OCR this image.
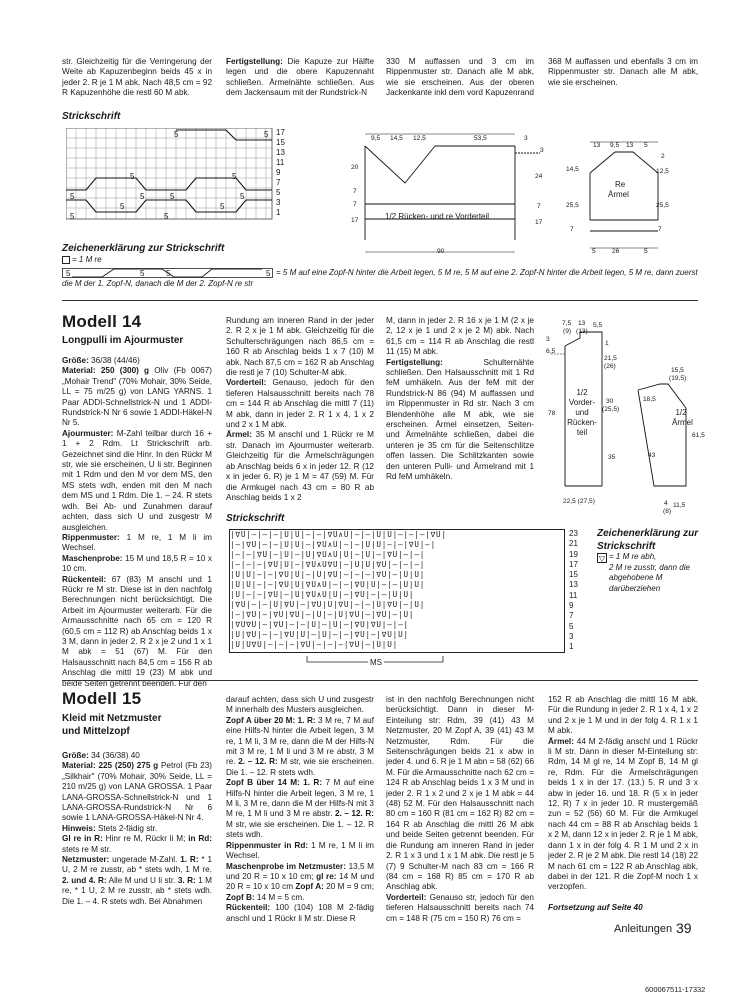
str. Gleichzeitig für die Verringerung der Weite ab Kapuzenbeginn beids 45 x in jeder 2. R je 1 M abk. Nach 48,5 cm = 92 R Kapuzenhöhe die restl 60 M abk.

Fertigstellung: Die Kapuze zur Hälfte legen und die obere Kapuzennaht schließen. Ärmelnähte schließen. Aus dem Jackensaum mit der Rundstrick-N

330 M auffassen und 3 cm im Rippenmuster str. Danach alle M abk, wie sie erscheinen. Aus der oberen Jackenkante inkl dem vord Kapuzenrand

368 M auffassen und ebenfalls 3 cm im Rippenmuster str. Danach alle M abk, wie sie erscheinen.

Strickschrift
5	5
5	5	5	5
5	5
5	5
5	5
17
15
13
11
9
7
5
3
1
9,5 14,5 12,5	53,5	3
20
7
7
17
3
24
7
17
1/2 Rücken- und re Vorderteil
90
13 9,5 13 5
Re
Ärmel
14,5
25,5
7
2
12,5
25,5
7
5 26	5
Zeichenerklärung zur Strickschrift
= 1 M re
5	5	5	5 = 5 M auf eine Zopf-N hinter die Arbeit legen, 5 M re, 5 M auf eine 2. Zopf-N hinter die Arbeit legen, 5 M re, dann zuerst die M der 1. Zopf-N, danach die M der 2. Zopf-N re str
Modell 14
Longpulli im Ajourmuster

Größe: 36/38 (44/46)

Material: 250 (300) g Oliv (Fb 0067) „Mohair Trend" (70% Mohair, 30% Seide, LL = 75 m/25 g) von LANG YARNS. 1 Paar ADDI-Schnellstrick-N und 1 ADDI-Rundstrick-N Nr 6 sowie 1 ADDI-Häkel-N Nr 5.

Ajourmuster: M-Zahl teilbar durch 16 + 1 + 2 Rdm. Lt Strickschrift arb. Gezeichnet sind die Hinr. In den Rückr M str, wie sie erscheinen, U li str. Beginnen mit 1 Rdm und den M vor dem MS, den MS stets wdh, enden mit den M nach dem MS und 1 Rdm. Die 1. – 24. R stets wdh. Bei Ab- und Zunahmen darauf achten, dass sich U und zusgestr M ausgleichen.

Rippenmuster: 1 M re, 1 M li im Wechsel.

Maschenprobe: 15 M und 18,5 R = 10 x 10 cm.

Rückenteil: 67 (83) M anschl und 1 Rückr re M str. Diese ist in den nachfolg Berechnungen nicht berücksichtigt. Die Arbeit im Ajourmuster weiterarb. Für die Armausschnitte nach 65 cm = 120 R (60,5 cm = 112 R) ab Anschlag beids 1 x 3 M, dann in jeder 2. R 2 x je 2 und 1 x 1 M abk = 51 (67) M. Für den Halsausschnitt nach 84,5 cm = 156 R ab Anschlag die mittl 19 (23) M abk und beide Seiten getrennt beenden. Für den

Rundung am inneren Rand in der jeder 2. R 2 x je 1 M abk. Gleichzeitig für die Schulterschrägungen nach 86,5 cm = 160 R ab Anschlag beids 1 x 7 (10) M abk. Nach 87,5 cm = 162 R ab Anschlag die restl je 7 (10) Schulter-M abk.

Vorderteil: Genauso, jedoch für den tieferen Halsausschnitt bereits nach 78 cm = 144 R ab Anschlag die mittl 7 (11) M abk, dann in jeder 2. R 1 x 4, 1 x 2 und 2 x 1 M abk.

Ärmel: 35 M anschl und 1 Rückr re M str. Danach im Ajourmuster weiterarb. Gleichzeitig für die Ärmelschrägungen ab Anschlag beids 6 x in jeder 12. R (12 x in jeder 6. R) je 1 M = 47 (59) M. Für die Armkugel nach 43 cm = 80 R ab Anschlag beids 1 x 2

M, dann in jeder 2. R 16 x je 1 M (2 x je 2, 12 x je 1 und 2 x je 2 M) abk. Nach 61,5 cm = 114 R ab Anschlag die restl 11 (15) M abk.

Fertigstellung: Schulternähte schließen. Den Halsausschnitt mit 1 Rd feM umhäkeln. Aus der feM mit der Rundstrick-N 86 (94) M auffassen und im Rippenmuster in Rd str. Nach 3 cm Blendenhöhe alle M abk, wie sie erscheinen. Ärmel einsetzen, Seiten- und Ärmelnähte schließen, dabei die unteren je 35 cm für die Seitenschlitze offen lassen. Die Schlitzkanten sowie den unteren Pulli- und Ärmelrand mit 1 Rd feM umhäkeln.

Strickschrift
|∇U|—|—|—|U|U|—|—|∇U∧U|—|—|U|U|—|—|—|∇U|
|—|∇U|—|—|U|U|—|∇U∧U|—|—|U|U|—|—|∇U|—|
|—|—|∇U|—|U|—|U|∇U∧U|U|—|U|—|∇U|—|—|
|—|—|—|∇U|U|—|∇U∧U∇U|—|U|U|∇U|—|—|—|
|U|U|—|—|∇U|U|—|U|∇U|—|—|—|∇U|—|U|U|
|U|U|—|—|∇U|U|∇U∧U|—|—|∇U|U|—|—|U|U|
|U|—|—|∇U|—|U|∇U∧U|U|—|∇U|—|—|U|U|
|∇U|—|—|U|∇U|—|∇U|U|∇U|—|—|U|∇U|—|U|
|—|∇U|—|∇U|∇U|—|U|—|U|∇U|—|∇U|—|U|
|∇U∇U|—|∇U|—|—|U|—|U|—|∇U|∇U|—|—|
|U|∇U|—|—|∇U|U|—|U|—|—|∇U|—|∇U|U|
|U|U∇U|—|—|—|∇U|—|—|—|∇U|—|U|U|
23
21
19
17
15
13
11
9
7
5
3
1
MS
Zeichenerklärung zur Strickschrift
▽ = 1 M re abh,
2 M re zusstr, dann die abgehobene M darüberziehen
7,5
(9)
13
(13)
5,5
3
6,5
78
1/2
Vorder-
und
Rücken-
teil
1
21,5
(26)
30
(25,5)
35
22,5 (27,5)
1/2
Ärmel
15,5
(19,5)
18,5
43
61,5
4
(8)
11,5
Modell 15
Kleid mit Netzmuster
und Mittelzopf

Größe: 34 (36/38) 40

Material: 225 (250) 275 g Petrol (Fb 23) „Silkhair" (70% Mohair, 30% Seide, LL = 210 m/25 g) von LANA GROSSA. 1 Paar LANA-GROSSA-Schnellstrick-N und 1 LANA-GROSSA-Rundstrick-N Nr 6 sowie 1 LANA-GROSSA-Häkel-N Nr 4.

Hinweis: Stets 2-fädig str.

Gl re in R: Hinr re M, Rückr li M; in Rd: stets re M str.

Netzmuster: ungerade M-Zahl. 1. R: * 1 U, 2 M re zusstr, ab * stets wdh, 1 M re. 2. und 4. R: Alle M und U li str. 3. R: 1 M re, * 1 U, 2 M re zusstr, ab * stets wdh. Die 1. – 4. R stets wdh. Bei Abnahmen

darauf achten, dass sich U und zusgestr M innerhalb des Musters ausgleichen.

Zopf A über 20 M: 1. R: 3 M re, 7 M auf eine Hilfs-N hinter die Arbeit legen, 3 M re, 1 M li, 3 M re, dann die M der Hilfs-N mit 3 M re, 1 M li und 3 M re abstr, 3 M re. 2. – 12. R: M str, wie sie erscheinen. Die 1. – 12. R stets wdh.

Zopf B über 14 M: 1. R: 7 M auf eine Hilfs-N hinter die Arbeit legen, 3 M re, 1 M li, 3 M re, dann die M der Hilfs-N mit 3 M re, 1 M li und 3 M re abstr. 2. – 12. R: M str, wie sie erscheinen. Die 1. – 12. R stets wdh.

Rippenmuster in Rd: 1 M re, 1 M li im Wechsel.

Maschenprobe im Netzmuster: 13,5 M und 20 R = 10 x 10 cm; gl re: 14 M und 20 R = 10 x 10 cm Zopf A: 20 M = 9 cm; Zopf B: 14 M = 5 cm.

Rückenteil: 100 (104) 108 M 2-fädig anschl und 1 Rückr li M str. Diese R

ist in den nachfolg Berechnungen nicht berücksichtigt. Dann in dieser M-Einteilung str: Rdm, 39 (41) 43 M Netzmuster, 20 M Zopf A, 39 (41) 43 M Netzmuster, Rdm. Für die Seitenschrägungen beids 21 x abw in jeder 4. und 6. R je 1 M abn = 58 (62) 66 M. Für die Armausschnitte nach 62 cm = 124 R ab Anschlag beids 1 x 3 M und in jeder 2. R 1 x 2 und 2 x je 1 M abk = 44 (48) 52 M. Für den Halsausschnitt nach 80 cm = 160 R (81 cm = 162 R) 82 cm = 164 R ab Anschlag die mittl 26 M abk und beide Seiten getrennt beenden. Für die Rundung am inneren Rand in jeder 2. R 1 x 3 und 1 x 1 M abk. Die restl je 5 (7) 9 Schulter-M nach 83 cm = 166 R (84 cm = 168 R) 85 cm = 170 R ab Anschlag abk.

Vorderteil: Genauso str, jedoch für den tieferen Halsausschnitt bereits nach 74 cm = 148 R (75 cm = 150 R) 76 cm =

152 R ab Anschlag die mittl 16 M abk. Für die Rundung in jeder 2. R 1 x 4, 1 x 2 und 2 x je 1 M und in der folg 4. R 1 x 1 M abk.

Ärmel: 44 M 2-fädig anschl und 1 Rückr li M str. Dann in dieser M-Einteilung str: Rdm, 14 M gl re, 14 M Zopf B, 14 M gl re, Rdm. Für die Ärmelschrägungen beids 1 x in der 17. (13.) 5. R und 3 x abw in jeder 16. und 18. R (5 x in jeder 12. R) 7 x in jeder 10. R mustergemäß zun = 52 (56) 60 M. Für die Armkugel nach 44 cm = 88 R ab Anschlag beids 1 x 2 M, dann 12 x in jeder 2. R je 1 M abk, dann 1 x in der folg 4. R 1 M und 2 x in jeder 2. R je 2 M abk. Die restl 14 (18) 22 M nach 61 cm = 122 R ab Anschlag abk, dabei in der 121. R die Zopf-M noch 1 x verzopfen.

Fortsetzung auf Seite 40

Anleitungen 39
600067511-17332
